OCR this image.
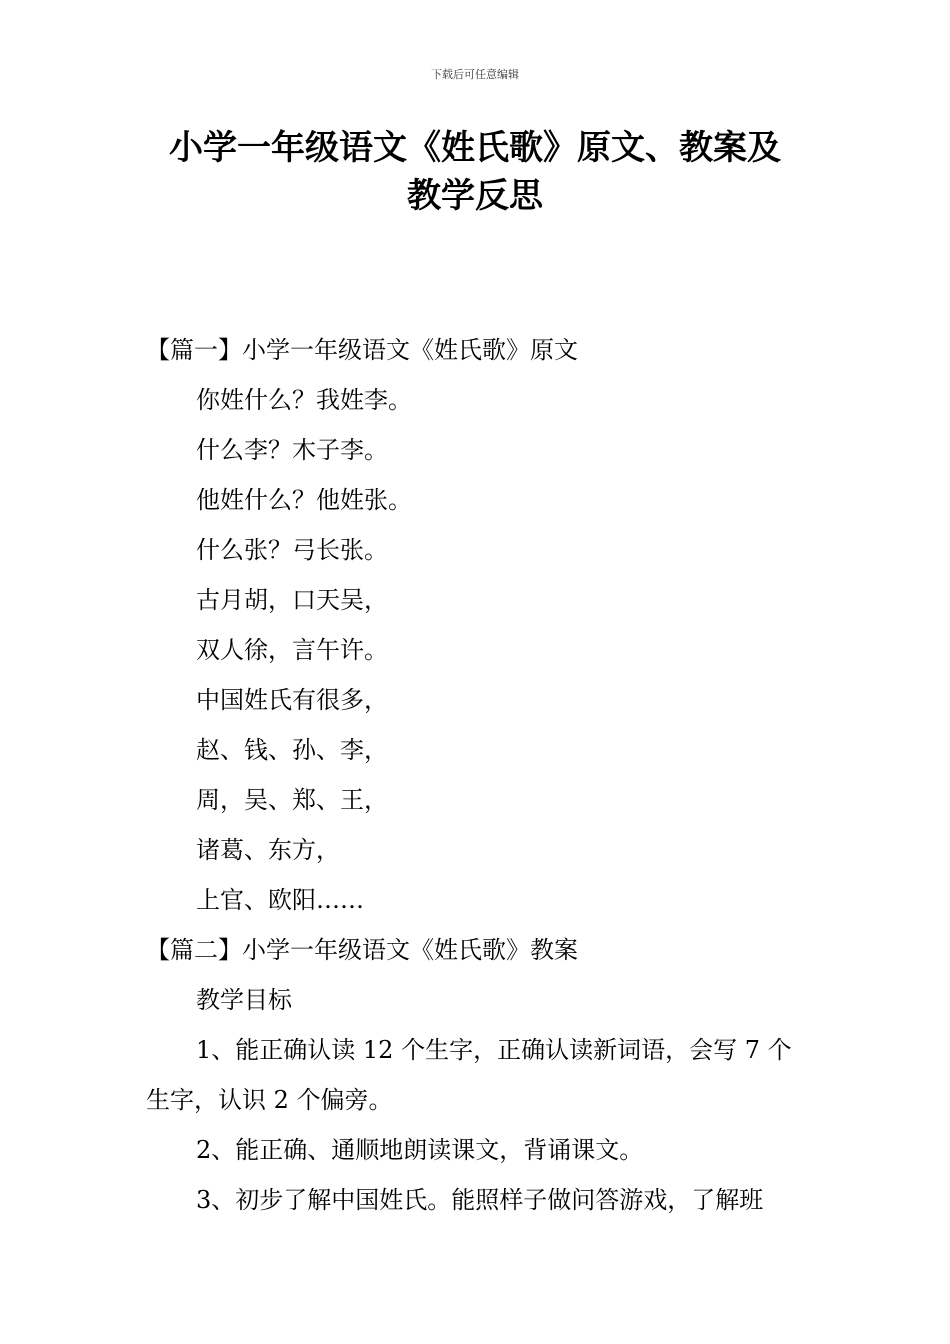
下载后可任意编辑
小学一年级语文《姓氏歌》原文、教案及
教学反思

【篇一】小学一年级语文《姓氏歌》原文

你姓什么？我姓李。

什么李？木子李。

他姓什么？他姓张。

什么张？弓长张。

古月胡，口天吴，

双人徐，言午许。

中国姓氏有很多，

赵、钱、孙、李，

周，吴、郑、王，

诸葛、东方，

上官、欧阳……

【篇二】小学一年级语文《姓氏歌》教案

教学目标

1、能正确认读 12 个生字，正确认读新词语，会写 7 个生字，认识 2 个偏旁。

2、能正确、通顺地朗读课文，背诵课文。

3、初步了解中国姓氏。能照样子做问答游戏，了解班
